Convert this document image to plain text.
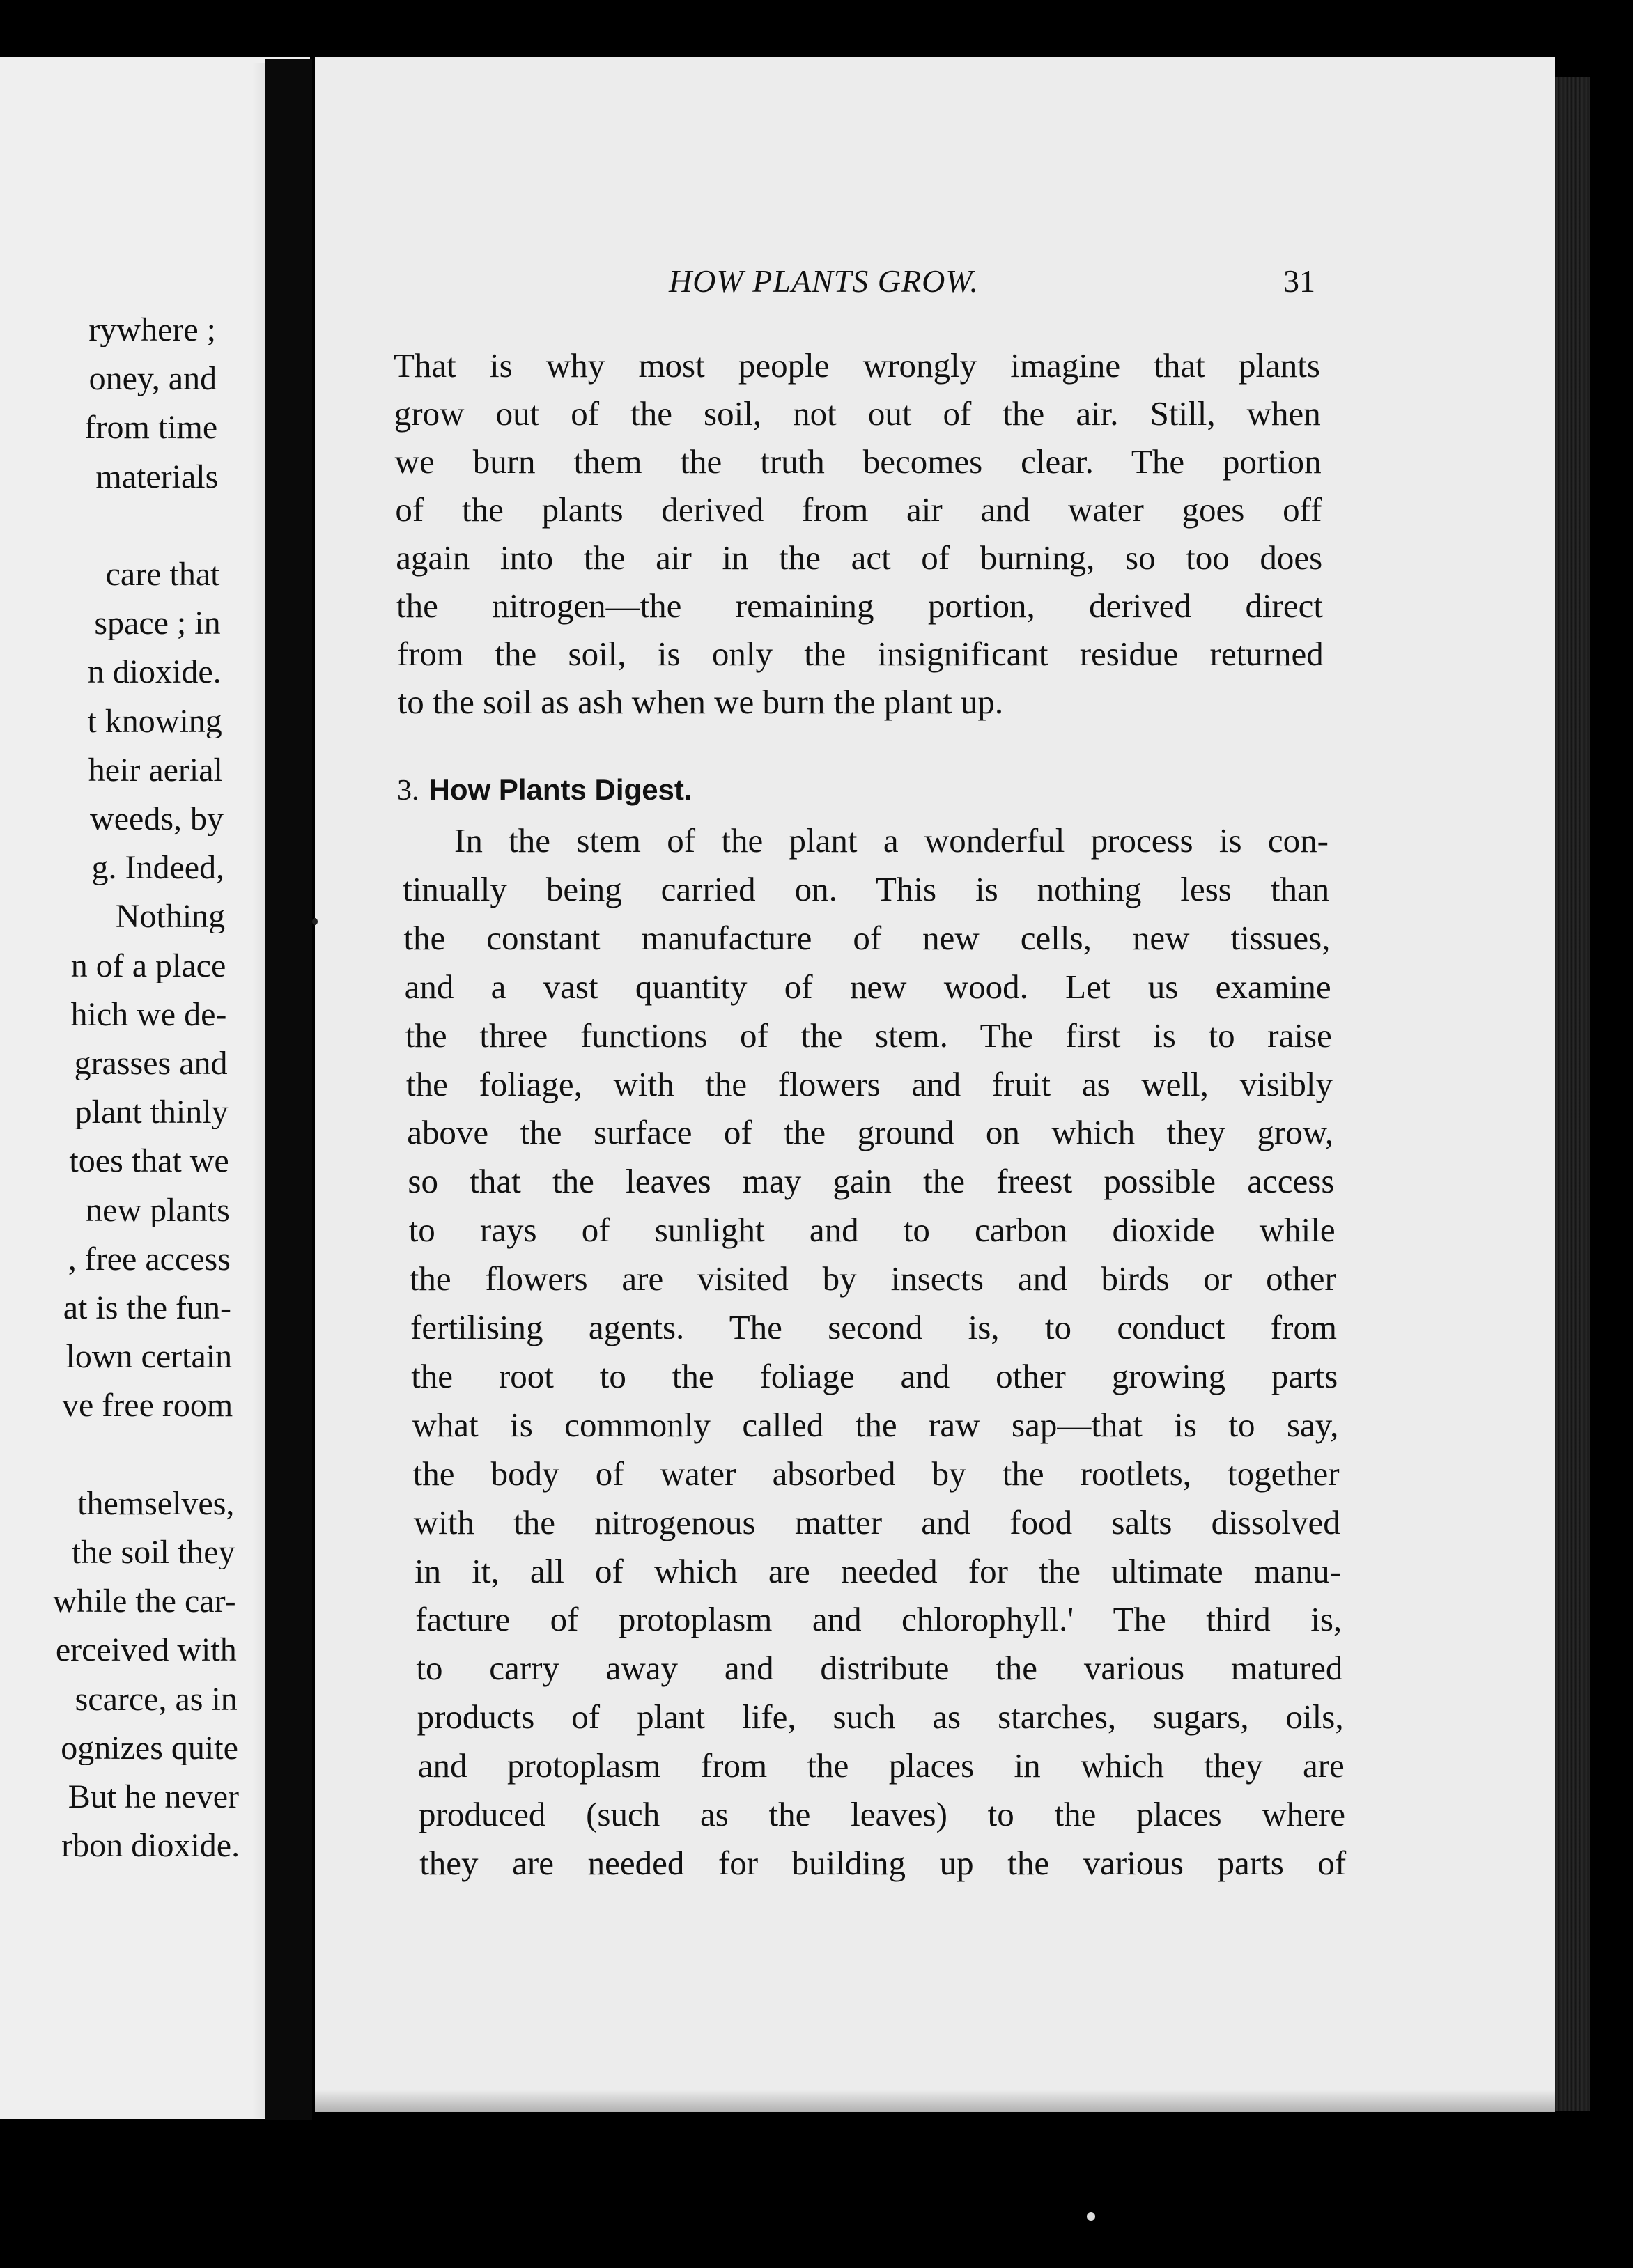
rywhere ;
oney, and
from time
materials
care that
space ; in
n dioxide.
t knowing
heir aerial
weeds, by
g. Indeed,
Nothing
n of a place
hich we de-
grasses and
plant thinly
toes that we
new plants
, free access
at is the fun-
lown certain
ve free room
themselves,
the soil they
while the car-
erceived with
scarce, as in
ognizes quite
But he never
rbon dioxide.
HOW PLANTS GROW.	31
That is why most people wrongly imagine that plants
grow out of the soil, not out of the air. Still, when
we burn them the truth becomes clear. The portion
of the plants derived from air and water goes off
again into the air in the act of burning, so too does
the nitrogen—the remaining portion, derived direct
from the soil, is only the insignificant residue returned
to the soil as ash when we burn the plant up.
3. How Plants Digest.
In the stem of the plant a wonderful process is con-
tinually being carried on. This is nothing less than
the constant manufacture of new cells, new tissues,
and a vast quantity of new wood. Let us examine
the three functions of the stem. The first is to raise
the foliage, with the flowers and fruit as well, visibly
above the surface of the ground on which they grow,
so that the leaves may gain the freest possible access
to rays of sunlight and to carbon dioxide while
the flowers are visited by insects and birds or other
fertilising agents. The second is, to conduct from
the root to the foliage and other growing parts
what is commonly called the raw sap—that is to say,
the body of water absorbed by the rootlets, together
with the nitrogenous matter and food salts dissolved
in it, all of which are needed for the ultimate manu-
facture of protoplasm and chlorophyll.' The third is,
to carry away and distribute the various matured
products of plant life, such as starches, sugars, oils,
and protoplasm from the places in which they are
produced (such as the leaves) to the places where
they are needed for building up the various parts of
